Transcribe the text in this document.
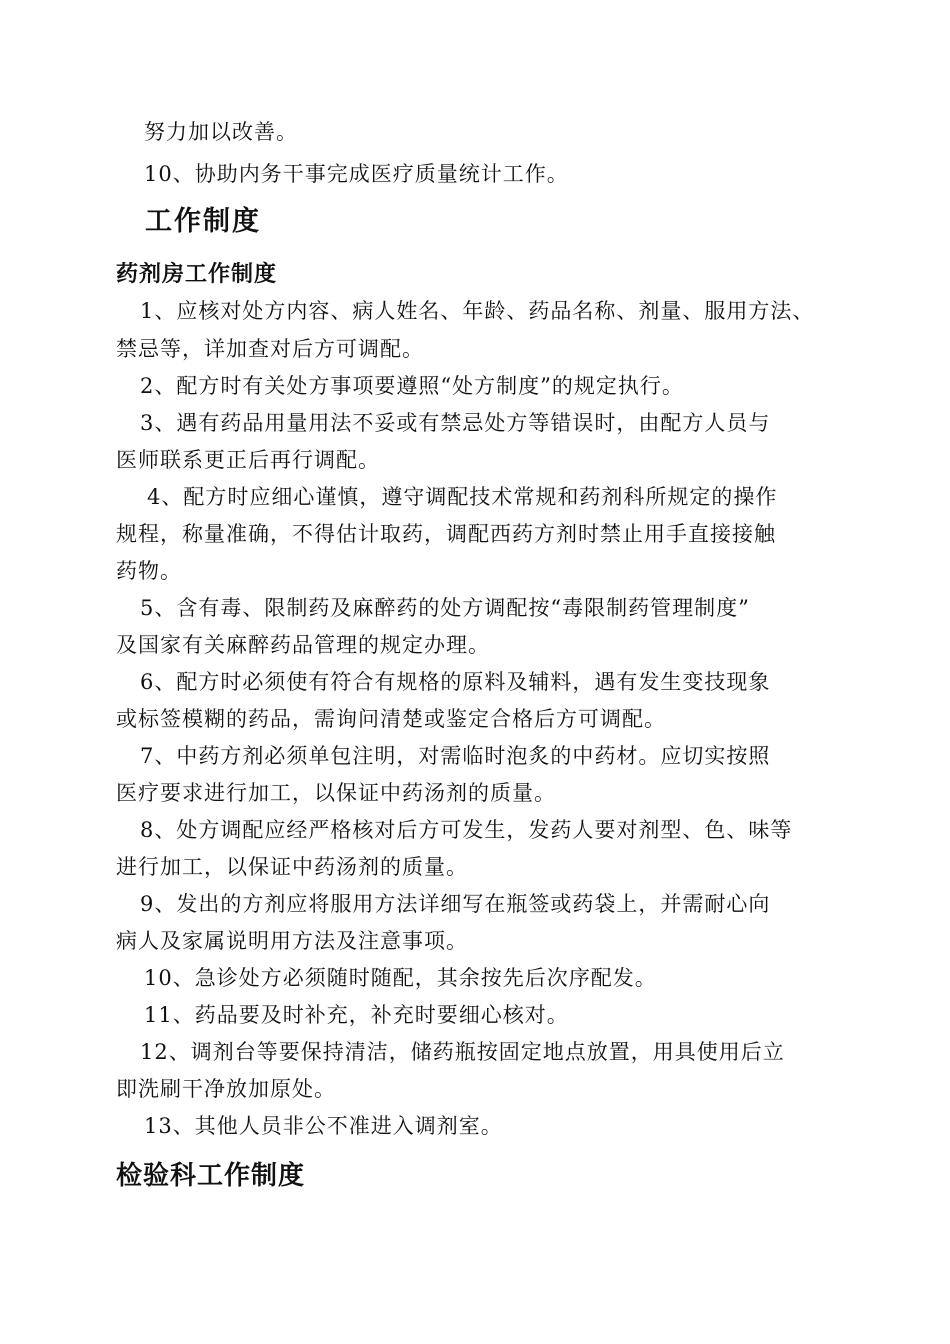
努力加以改善。
10、协助内务干事完成医疗质量统计工作。
工作制度
药剂房工作制度
1、应核对处方内容、病人姓名、年龄、药品名称、剂量、服用方法、
禁忌等，详加查对后方可调配。
2、配方时有关处方事项要遵照“处方制度”的规定执行。
3、遇有药品用量用法不妥或有禁忌处方等错误时，由配方人员与
医师联系更正后再行调配。
4、配方时应细心谨慎，遵守调配技术常规和药剂科所规定的操作
规程，称量准确，不得估计取药，调配西药方剂时禁止用手直接接触
药物。
5、含有毒、限制药及麻醉药的处方调配按“毒限制药管理制度”
及国家有关麻醉药品管理的规定办理。
6、配方时必须使有符合有规格的原料及辅料，遇有发生变技现象
或标签模糊的药品，需询问清楚或鉴定合格后方可调配。
7、中药方剂必须单包注明，对需临时泡炙的中药材。应切实按照
医疗要求进行加工，以保证中药汤剂的质量。
8、处方调配应经严格核对后方可发生，发药人要对剂型、色、味等
进行加工，以保证中药汤剂的质量。
9、发出的方剂应将服用方法详细写在瓶签或药袋上，并需耐心向
病人及家属说明用方法及注意事项。
10、急诊处方必须随时随配，其余按先后次序配发。
11、药品要及时补充，补充时要细心核对。
12、调剂台等要保持清洁，储药瓶按固定地点放置，用具使用后立
即洗刷干净放加原处。
13、其他人员非公不准进入调剂室。
检验科工作制度
